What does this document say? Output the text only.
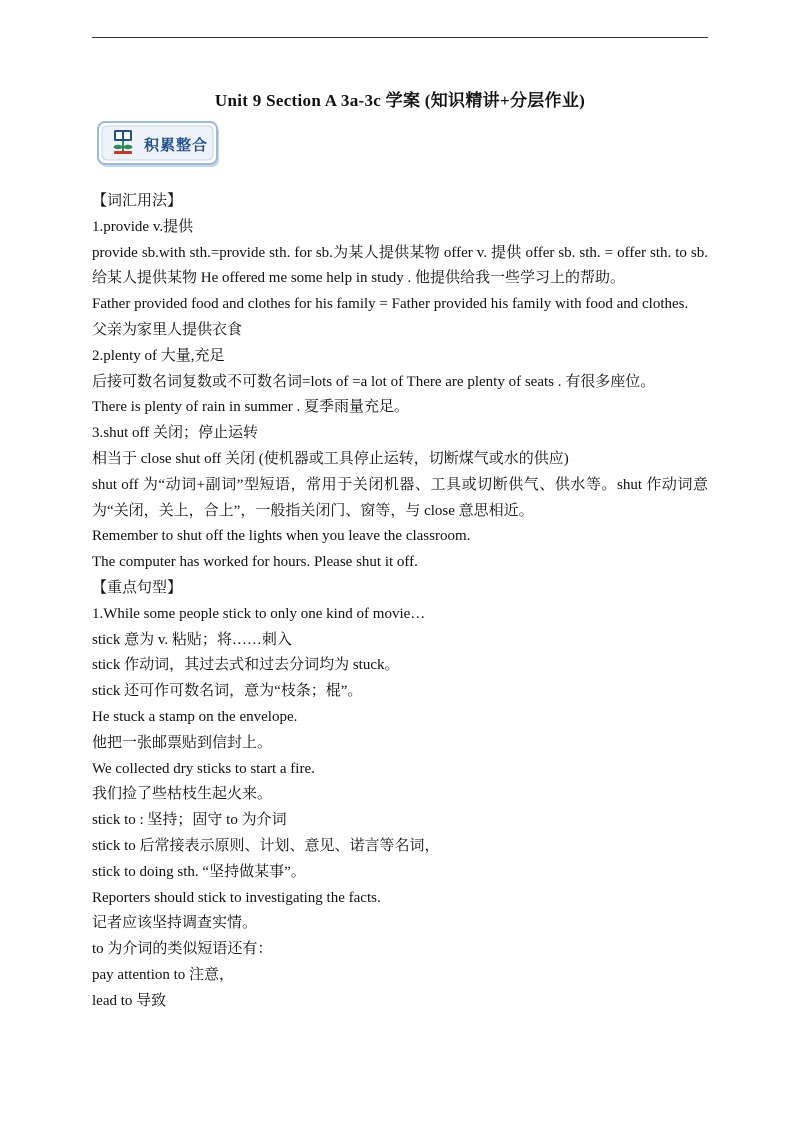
Unit 9 Section A 3a-3c 学案 (知识精讲+分层作业)
积累整合

【词汇用法】

1.provide v.提供

provide sb.with sth.=provide sth. for sb.为某人提供某物 offer v. 提供 offer sb. sth. = offer sth. to sb. 给某人提供某物 He offered me some help in study . 他提供给我一些学习上的帮助。

Father provided food and clothes for his family = Father provided his family with food and clothes.

父亲为家里人提供衣食

2.plenty of 大量,充足

后接可数名词复数或不可数名词=lots of =a lot of There are plenty of seats . 有很多座位。

There is plenty of rain in summer . 夏季雨量充足。

3.shut off 关闭；停止运转

相当于 close shut off 关闭 (使机器或工具停止运转，切断煤气或水的供应)

shut off 为“动词+副词”型短语，常用于关闭机器、工具或切断供气、供水等。shut 作动词意为“关闭，关上，合上”，一般指关闭门、窗等，与 close 意思相近。

Remember to shut off the lights when you leave the classroom.

The computer has worked for hours. Please shut it off.

【重点句型】

1.While some people stick to only one kind of movie…

stick 意为 v. 粘贴；将……刺入

stick 作动词，其过去式和过去分词均为 stuck。

stick 还可作可数名词，意为“枝条；棍”。

He stuck a stamp on the envelope.

他把一张邮票贴到信封上。

We collected dry sticks to start a fire.

我们捡了些枯枝生起火来。

stick to : 坚持；固守 to 为介词

stick to 后常接表示原则、计划、意见、诺言等名词，

stick to doing sth. “坚持做某事”。

Reporters should stick to investigating the facts.

记者应该坚持调查实情。

to 为介词的类似短语还有：

pay attention to 注意，

lead to 导致
